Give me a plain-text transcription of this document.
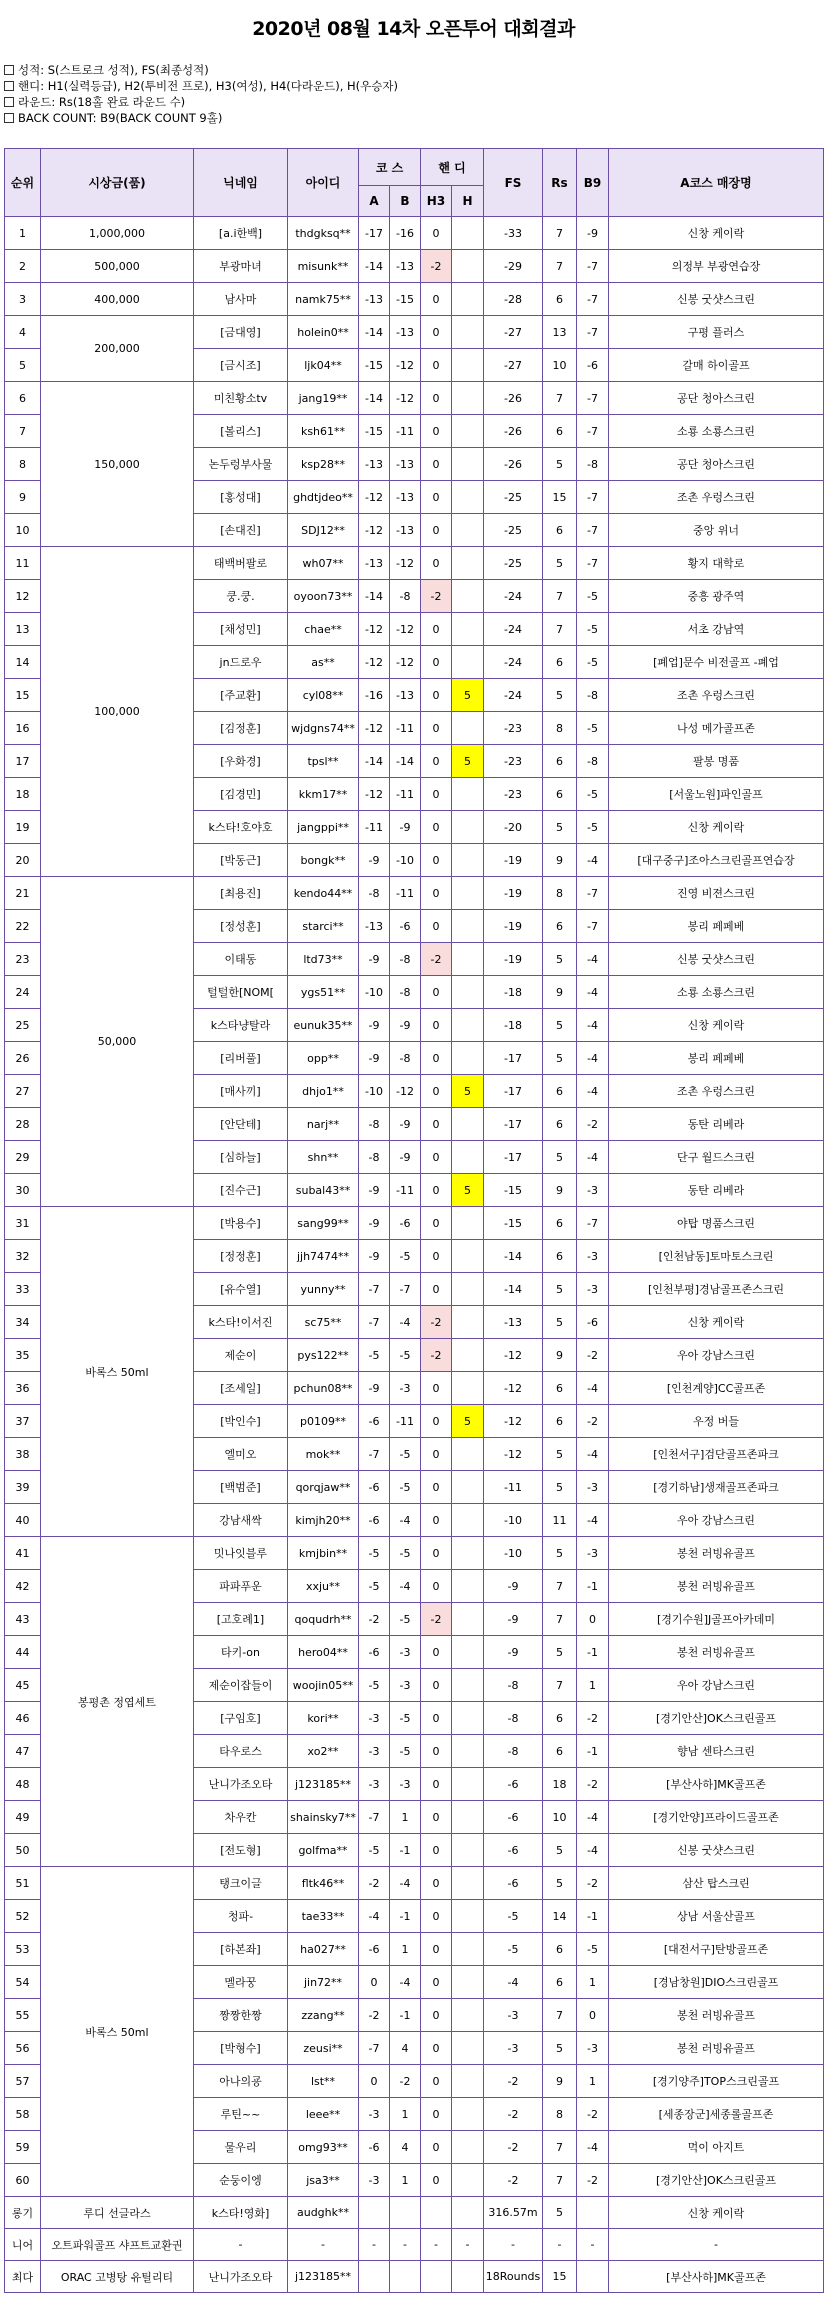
2020년 08월 14차 오픈투어 대회결과
성적: S(스트로크 성적), FS(최종성적)
핸디: H1(실력등급), H2(투비전 프로), H3(여성), H4(다라운드), H(우승자)
라운드: Rs(18홀 완료 라운드 수)
BACK COUNT: B9(BACK COUNT 9홀)
순위	시상금(품)	닉네임	아이디	코 스		핸 디		FS	Rs	B9	A코스 매장명
				A	B	H3	H				
1	1,000,000	[a.i한백]	thdgksq**	-17	-16	0		-33	7	-9	신창 케이락
2	500,000	부광마녀	misunk**	-14	-13	-2		-29	7	-7	의정부 부광연습장
3	400,000	남사마	namk75**	-13	-15	0		-28	6	-7	신봉 굿샷스크린
4	200,000	[금대영]	holein0**	-14	-13	0		-27	13	-7	구평 플러스
5		[금시조]	ljk04**	-15	-12	0		-27	10	-6	갈매 하이골프
6	150,000	미친황소tv	jang19**	-14	-12	0		-26	7	-7	공단 청아스크린
7		[볼리스]	ksh61**	-15	-11	0		-26	6	-7	소룡 소룡스크린
8		논두렁부사물	ksp28**	-13	-13	0		-26	5	-8	공단 청아스크린
9		[홍성대]	ghdtjdeo**	-12	-13	0		-25	15	-7	조촌 우렁스크린
10		[손대진]	SDJ12**	-12	-13	0		-25	6	-7	중앙 위너
11	100,000	태백버팔로	wh07**	-13	-12	0		-25	5	-7	황지 대학로
12		쿵.쿵.	oyoon73**	-14	-8	-2		-24	7	-5	중흥 광주역
13		[채성민]	chae**	-12	-12	0		-24	7	-5	서초 강남역
14		jn드로우	as**	-12	-12	0		-24	6	-5	[폐업]문수 비전골프 -폐업
15		[주교환]	cyl08**	-16	-13	0	5	-24	5	-8	조촌 우렁스크린
16		[김정훈]	wjdgns74**	-12	-11	0		-23	8	-5	나성 메가골프존
17		[우화경]	tpsl**	-14	-14	0	5	-23	6	-8	팔봉 명품
18		[김경민]	kkm17**	-12	-11	0		-23	6	-5	[서울노원]파인골프
19		k스타!호야호	jangppi**	-11	-9	0		-20	5	-5	신창 케이락
20		[박동근]	bongk**	-9	-10	0		-19	9	-4	[대구중구]조아스크린골프연습장
21	50,000	[최용진]	kendo44**	-8	-11	0		-19	8	-7	진영 비젼스크린
22		[정성훈]	starci**	-13	-6	0		-19	6	-7	봉리 페페베
23		이태동	ltd73**	-9	-8	-2		-19	5	-4	신봉 굿샷스크린
24		털털한[NOM[	ygs51**	-10	-8	0		-18	9	-4	소룡 소룡스크린
25		k스타냥탈라	eunuk35**	-9	-9	0		-18	5	-4	신창 케이락
26		[리버풀]	opp**	-9	-8	0		-17	5	-4	봉리 페페베
27		[매사끼]	dhjo1**	-10	-12	0	5	-17	6	-4	조촌 우렁스크린
28		[안단테]	narj**	-8	-9	0		-17	6	-2	동탄 리베라
29		[심하늘]	shn**	-8	-9	0		-17	5	-4	단구 월드스크린
30		[진수근]	subal43**	-9	-11	0	5	-15	9	-3	동탄 리베라
31	바록스 50ml	[박용수]	sang99**	-9	-6	0		-15	6	-7	야탑 명품스크린
32		[정정훈]	jjh7474**	-9	-5	0		-14	6	-3	[인천남동]토마토스크린
33		[유수열]	yunny**	-7	-7	0		-14	5	-3	[인천부평]경남골프존스크린
34		k스타!이서진	sc75**	-7	-4	-2		-13	5	-6	신창 케이락
35		제순이	pys122**	-5	-5	-2		-12	9	-2	우아 강남스크린
36		[조세일]	pchun08**	-9	-3	0		-12	6	-4	[인천계양]CC골프존
37		[박인수]	p0109**	-6	-11	0	5	-12	6	-2	우정 버들
38		엘미오	mok**	-7	-5	0		-12	5	-4	[인천서구]검단골프존파크
39		[백범준]	qorqjaw**	-6	-5	0		-11	5	-3	[경기하남]생재골프존파크
40		강남새싹	kimjh20**	-6	-4	0		-10	11	-4	우아 강남스크린
41	봉평촌 정엽세트	밋나잇블루	kmjbin**	-5	-5	0		-10	5	-3	봉천 러빙유골프
42		파파푸운	xxju**	-5	-4	0		-9	7	-1	봉천 러빙유골프
43		[고호례1]	qoqudrh**	-2	-5	-2		-9	7	0	[경기수원]J골프아카데미
44		타키-on	hero04**	-6	-3	0		-9	5	-1	봉천 러빙유골프
45		제순이잡들이	woojin05**	-5	-3	0		-8	7	1	우아 강남스크린
46		[구임호]	kori**	-3	-5	0		-8	6	-2	[경기안산]OK스크린골프
47		타우로스	xo2**	-3	-5	0		-8	6	-1	향남 센타스크린
48		난니가조오타	j123185**	-3	-3	0		-6	18	-2	[부산사하]MK골프존
49		차우칸	shainsky7**	-7	1	0		-6	10	-4	[경기안양]프라이드골프존
50		[전도형]	golfma**	-5	-1	0		-6	5	-4	신봉 굿샷스크린
51	바록스 50ml	탱크이글	fltk46**	-2	-4	0		-6	5	-2	삼산 탑스크린
52		청파-	tae33**	-4	-1	0		-5	14	-1	상남 서울산골프
53		[하본좌]	ha027**	-6	1	0		-5	6	-5	[대전서구]탄방골프존
54		멜라꿍	jin72**	0	-4	0		-4	6	1	[경남창원]DIO스크린골프
55		짱짱한짱	zzang**	-2	-1	0		-3	7	0	봉천 러빙유골프
56		[박형수]	zeusi**	-7	4	0		-3	5	-3	봉천 러빙유골프
57		아나의굥	lst**	0	-2	0		-2	9	1	[경기양주]TOP스크린골프
58		루틴~~	leee**	-3	1	0		-2	8	-2	[세종장군]세종롤골프존
59		물우리	omg93**	-6	4	0		-2	7	-4	먹이 아지트
60		순둥이엥	jsa3**	-3	1	0		-2	7	-2	[경기안산]OK스크린골프
롱기	루디 선글라스	k스타!영화]	audghk**					316.57m	5		신창 케이락
니어	오트파워골프 샤프트교환권	-	-	-	-	-	-	-	-	-	-
최다	ORAC 고병탕 유틸리티	난니가조오타	j123185**					18Rounds	15		[부산사하]MK골프존
